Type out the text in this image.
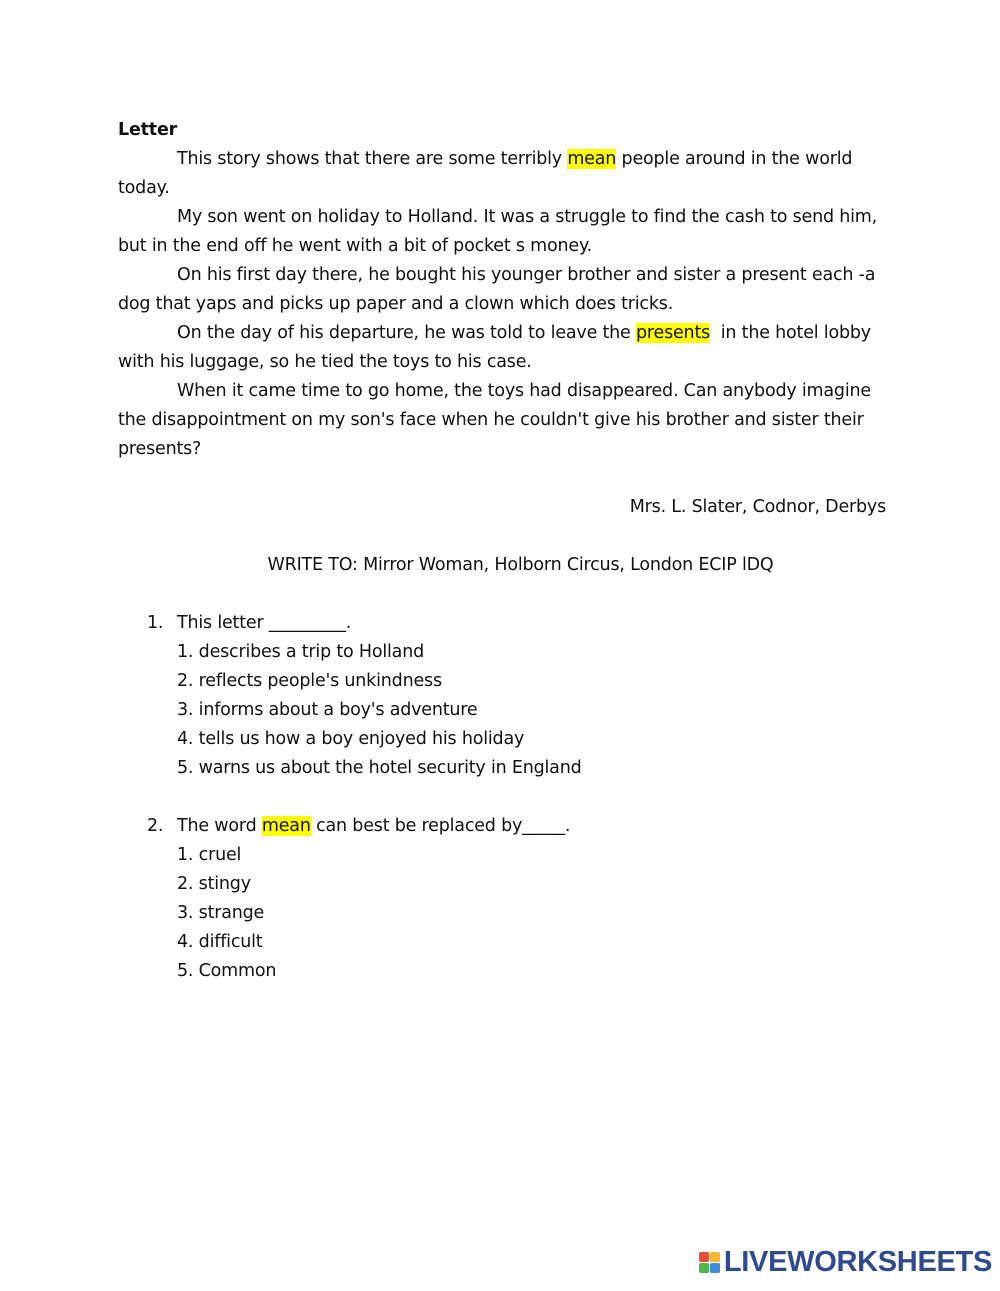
Letter

This story shows that there are some terribly mean people around in the world today.

My son went on holiday to Holland. It was a struggle to find the cash to send him, but in the end off he went with a bit of pocket s money.

On his first day there, he bought his younger brother and sister a present each -a dog that yaps and picks up paper and a clown which does tricks.

On the day of his departure, he was told to leave the presents  in the hotel lobby with his luggage, so he tied the toys to his case.

When it came time to go home, the toys had disappeared. Can anybody imagine the disappointment on my son's face when he couldn't give his brother and sister their presents?

Mrs. L. Slater, Codnor, Derbys

WRITE TO: Mirror Woman, Holborn Circus, London ECIP lDQ

1. This letter _________.
1. describes a trip to Holland
2. reflects people's unkindness
3. informs about a boy's adventure
4. tells us how a boy enjoyed his holiday
5. warns us about the hotel security in England
2. The word mean can best be replaced by_____.
1. cruel
2. stingy
3. strange
4. difficult
5. Common
LIVEWORKSHEETS
